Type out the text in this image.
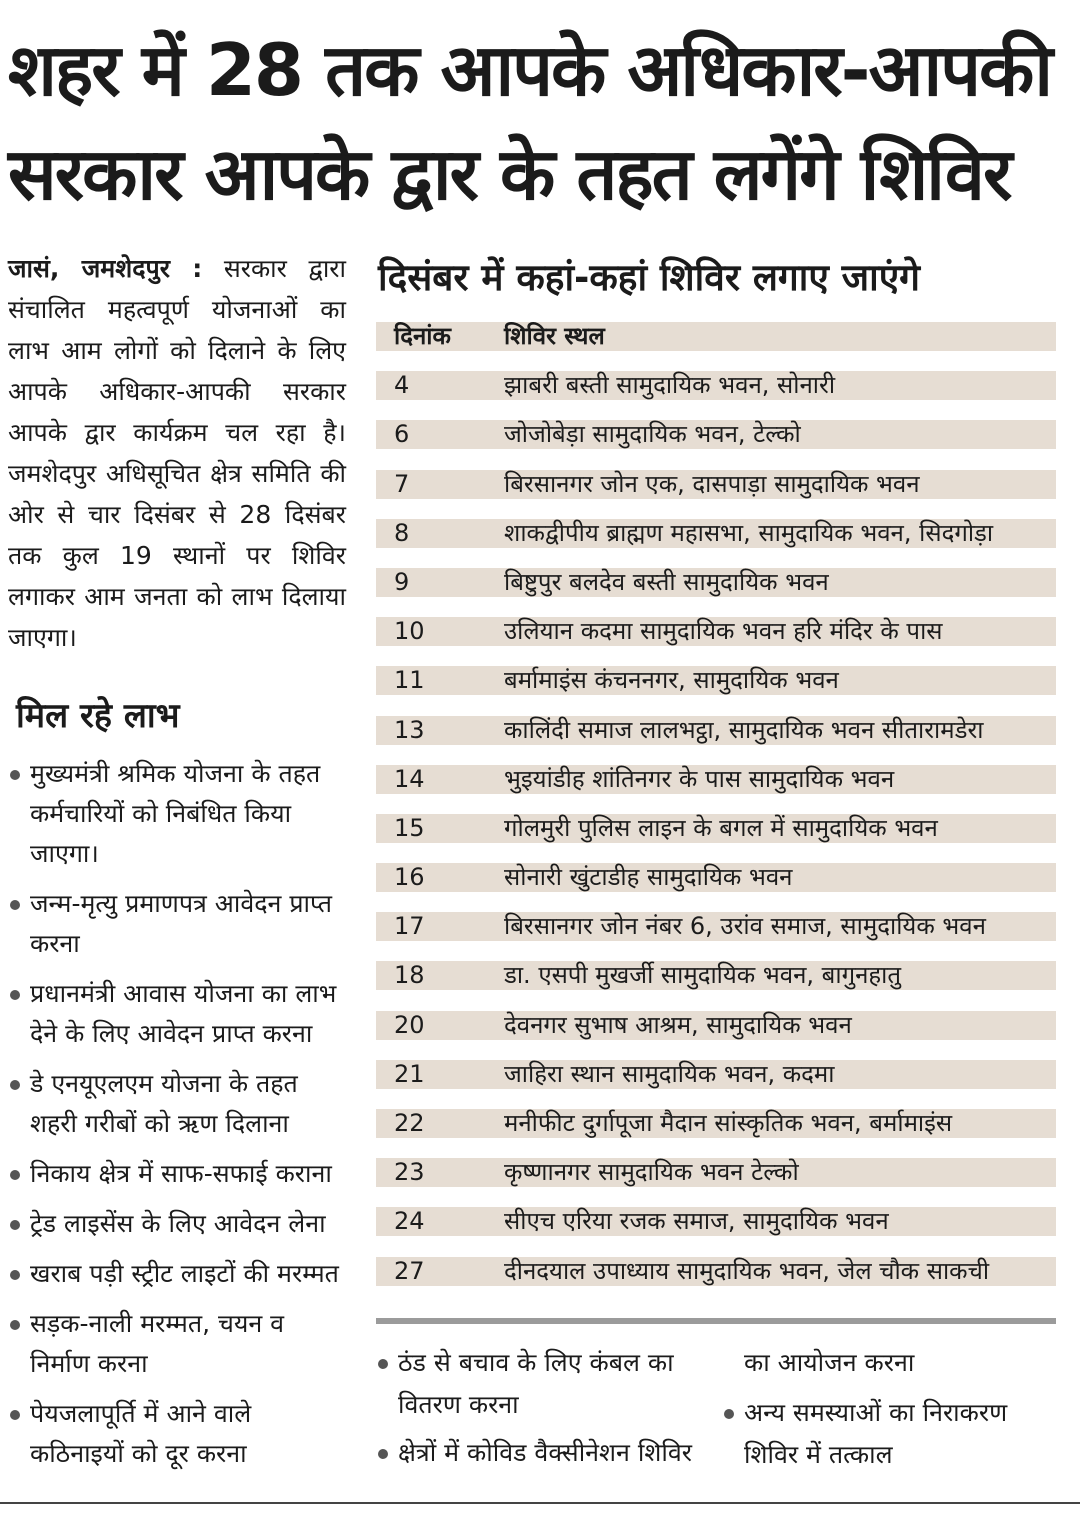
शहर में 28 तक आपके अधिकार-आपकी
सरकार आपके द्वार के तहत लगेंगे शिविर

जासं, जमशेदपुर : सरकार द्वारा संचालित महत्वपूर्ण योजनाओं का लाभ आम लोगों को दिलाने के लिए आपके अधिकार-आपकी सरकार आपके द्वार कार्यक्रम चल रहा है। जमशेदपुर अधिसूचित क्षेत्र समिति की ओर से चार दिसंबर से 28 दिसंबर तक कुल 19 स्थानों पर शिविर लगाकर आम जनता को लाभ दिलाया जाएगा।

मिल रहे लाभ
मुख्यमंत्री श्रमिक योजना के तहत कर्मचारियों को निबंधित किया जाएगा।
जन्म-मृत्यु प्रमाणपत्र आवेदन प्राप्त करना
प्रधानमंत्री आवास योजना का लाभ देने के लिए आवेदन प्राप्त करना
डे एनयूएलएम योजना के तहत शहरी गरीबों को ऋण दिलाना
निकाय क्षेत्र में साफ-सफाई कराना
ट्रेड लाइसेंस के लिए आवेदन लेना
खराब पड़ी स्ट्रीट लाइटों की मरम्मत
सड़क-नाली मरम्मत, चयन व निर्माण करना
पेयजलापूर्ति में आने वाले कठिनाइयों को दूर करना
दिसंबर में कहां-कहां शिविर लगाए जाएंगे
दिनांक शिविर स्थल
4	झाबरी बस्ती सामुदायिक भवन, सोनारी
6	जोजोबेड़ा सामुदायिक भवन, टेल्को
7	बिरसानगर जोन एक, दासपाड़ा सामुदायिक भवन
8	शाकद्वीपीय ब्राह्मण महासभा, सामुदायिक भवन, सिदगोड़ा
9	बिष्टुपुर बलदेव बस्ती सामुदायिक भवन
10	उलियान कदमा सामुदायिक भवन हरि मंदिर के पास
11	बर्मामाइंस कंचननगर, सामुदायिक भवन
13	कालिंदी समाज लालभट्ठा, सामुदायिक भवन सीतारामडेरा
14	भुइयांडीह शांतिनगर के पास सामुदायिक भवन
15	गोलमुरी पुलिस लाइन के बगल में सामुदायिक भवन
16	सोनारी खुंटाडीह सामुदायिक भवन
17	बिरसानगर जोन नंबर 6, उरांव समाज, सामुदायिक भवन
18	डा. एसपी मुखर्जी सामुदायिक भवन, बागुनहातु
20	देवनगर सुभाष आश्रम, सामुदायिक भवन
21	जाहिरा स्थान सामुदायिक भवन, कदमा
22	मनीफीट दुर्गापूजा मैदान सांस्कृतिक भवन, बर्मामाइंस
23	कृष्णानगर सामुदायिक भवन टेल्को
24	सीएच एरिया रजक समाज, सामुदायिक भवन
27	दीनदयाल उपाध्याय सामुदायिक भवन, जेल चौक साकची
ठंड से बचाव के लिए कंबल का वितरण करना
क्षेत्रों में कोविड वैक्सीनेशन शिविर
का आयोजन करना
अन्य समस्याओं का निराकरण शिविर में तत्काल
